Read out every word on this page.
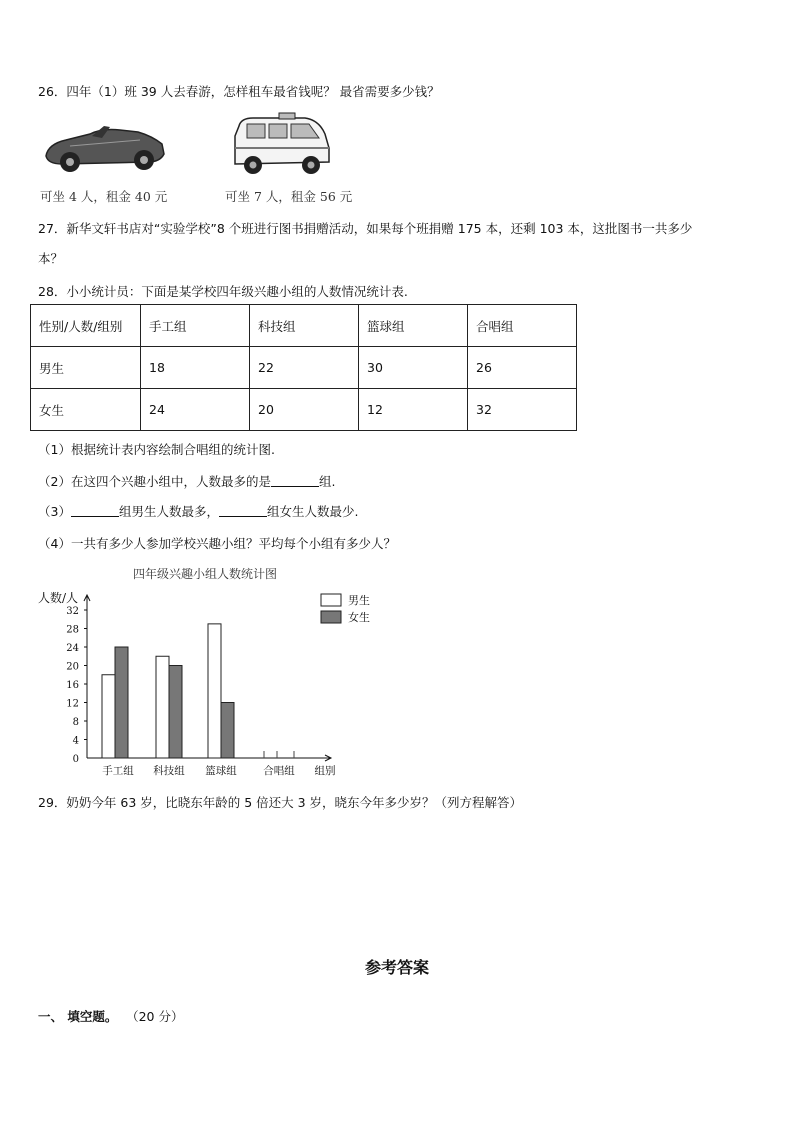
26．四年（1）班 39 人去春游，怎样租车最省钱呢？ 最省需要多少钱？
可坐 4 人，租金 40 元	可坐 7 人，租金 56 元
27．新华文轩书店对“实验学校”8 个班进行图书捐赠活动，如果每个班捐赠 175 本，还剩 103 本，这批图书一共多少
本？
28．小小统计员：下面是某学校四年级兴趣小组的人数情况统计表.
性别/人数/组别	手工组	科技组	篮球组	合唱组
男生	18	22	30	26
女生	24	20	12	32
（1）根据统计表内容绘制合唱组的统计图.
（2）在这四个兴趣小组中，人数最多的是	组.
（3）	组男生人数最多，	组女生人数最少.
（4）一共有多少人参加学校兴趣小组？平均每个小组有多少人？
四年级兴趣小组人数统计图
人数/人
0
4
8
12
16
20
24
28
32
手工组 科技组 篮球组	合唱组 组别
男生
女生
29．奶奶今年 63 岁，比晓东年龄的 5 倍还大 3 岁，晓东今年多少岁？（列方程解答）
参考答案
一、 填空题。 （20 分）
